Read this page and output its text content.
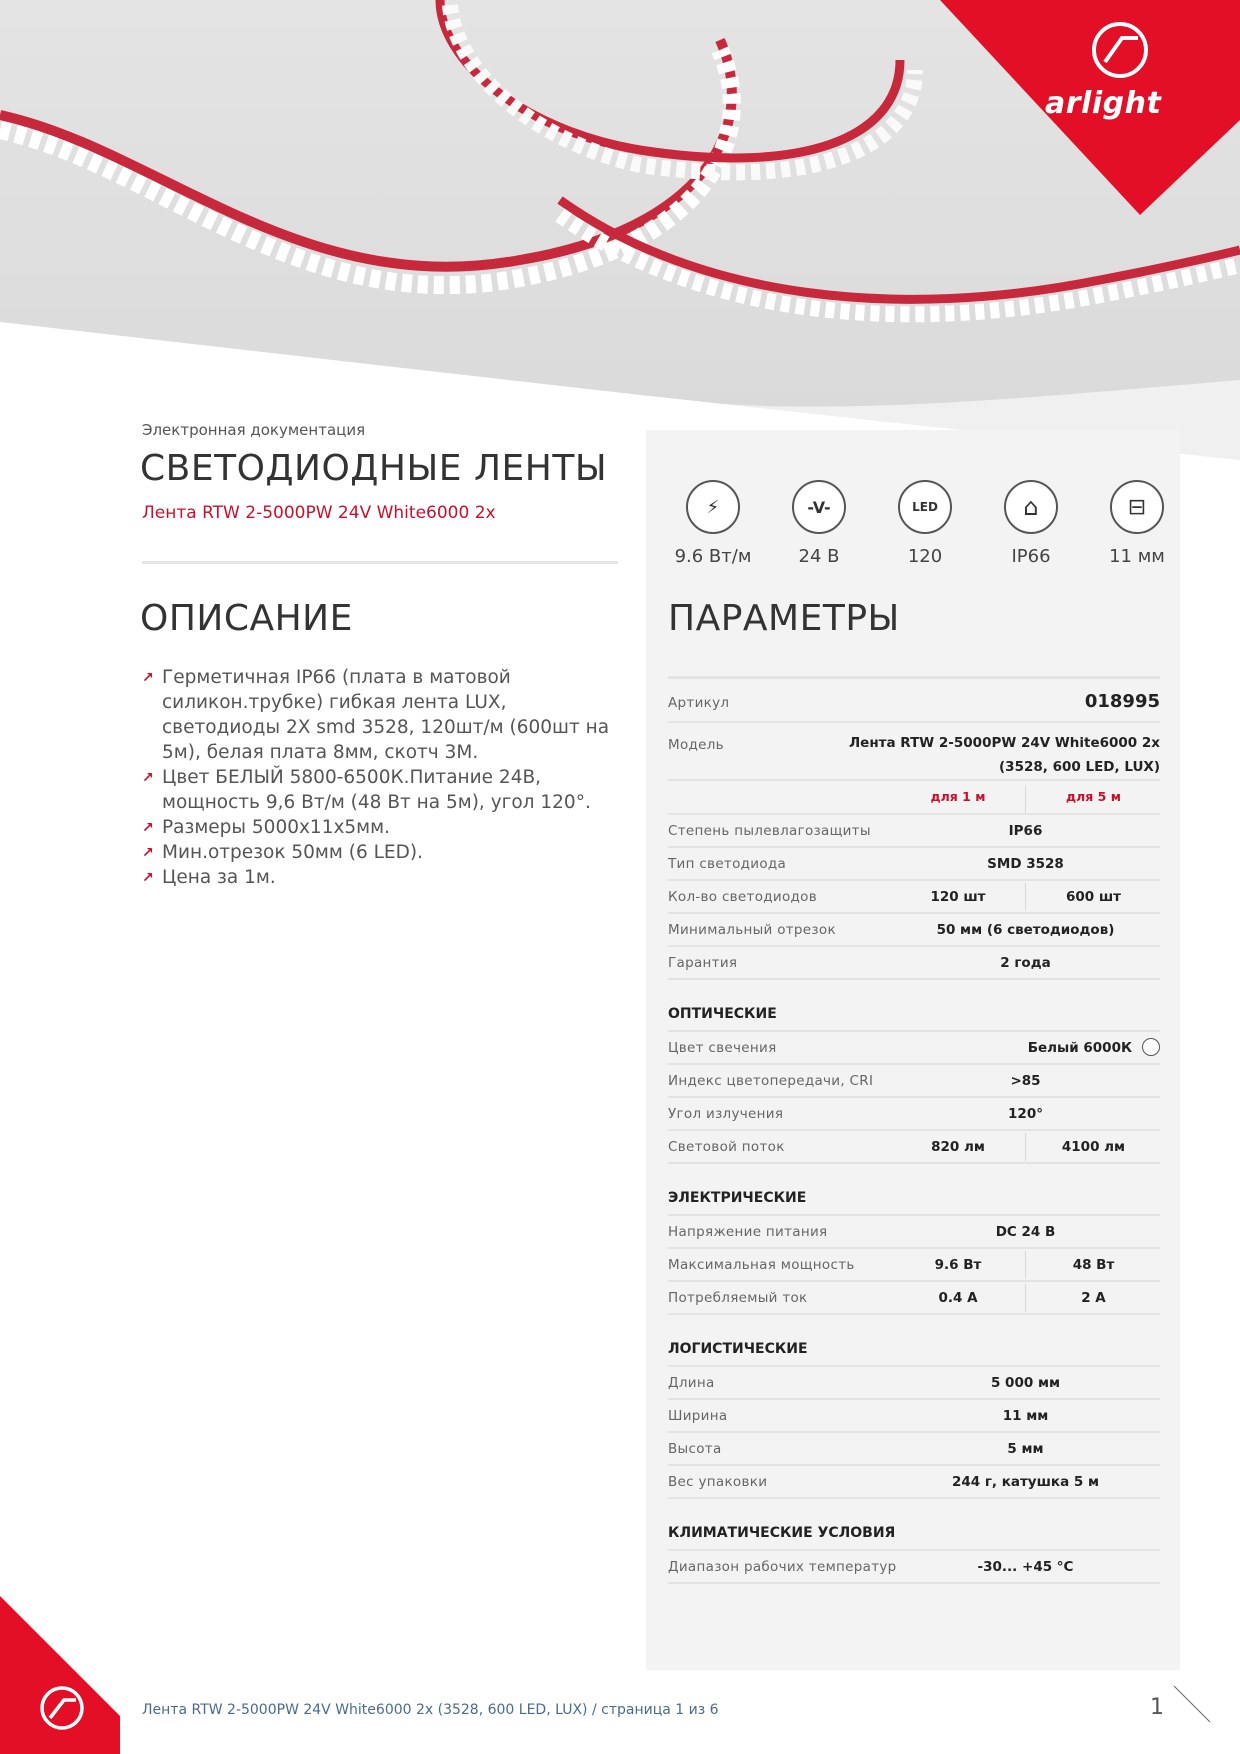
arlight
Электронная документация
СВЕТОДИОДНЫЕ ЛЕНТЫ
Лента RTW 2-5000PW 24V White6000 2x	⚡
9.6 Вт/м
-V-
24 В
LED
120
⌂
IP66
⊟
11 мм
ОПИСАНИЕ	ПАРАМЕТРЫ
↗ Герметичная IP66 (плата в матовой силикон.трубке) гибкая лента LUX, светодиоды 2X smd 3528, 120шт/м (600шт на 5м), белая плата 8мм, скотч 3М.
↗ Цвет БЕЛЫЙ 5800-6500К.Питание 24В, мощность 9,6 Вт/м (48 Вт на 5м), угол 120°.
↗ Размеры 5000х11х5мм.
↗ Мин.отрезок 50мм (6 LED).
↗ Цена за 1м.
Артикул	018995
Модель	Лента RTW 2-5000PW 24V White6000 2x
(3528, 600 LED, LUX)
для 1 м	для 5 м
Степень пылевлагозащиты	IP66
Тип светодиода	SMD 3528
Кол-во светодиодов	120 шт	600 шт
Минимальный отрезок	50 мм (6 светодиодов)
Гарантия	2 года
ОПТИЧЕСКИЕ
Цвет свечения	Белый 6000К
Индекс цветопередачи, CRI	>85
Угол излучения	120°
Световой поток	820 лм	4100 лм
ЭЛЕКТРИЧЕСКИЕ
Напряжение питания	DC 24 В
Максимальная мощность	9.6 Вт	48 Вт
Потребляемый ток	0.4 А	2 А
ЛОГИСТИЧЕСКИЕ
Длина	5 000 мм
Ширина	11 мм
Высота	5 мм
Вес упаковки	244 г, катушка 5 м
КЛИМАТИЧЕСКИЕ УСЛОВИЯ
Диапазон рабочих температур	-30... +45 °С
Лента RTW 2-5000PW 24V White6000 2x (3528, 600 LED, LUX) / страница 1 из 6	1
